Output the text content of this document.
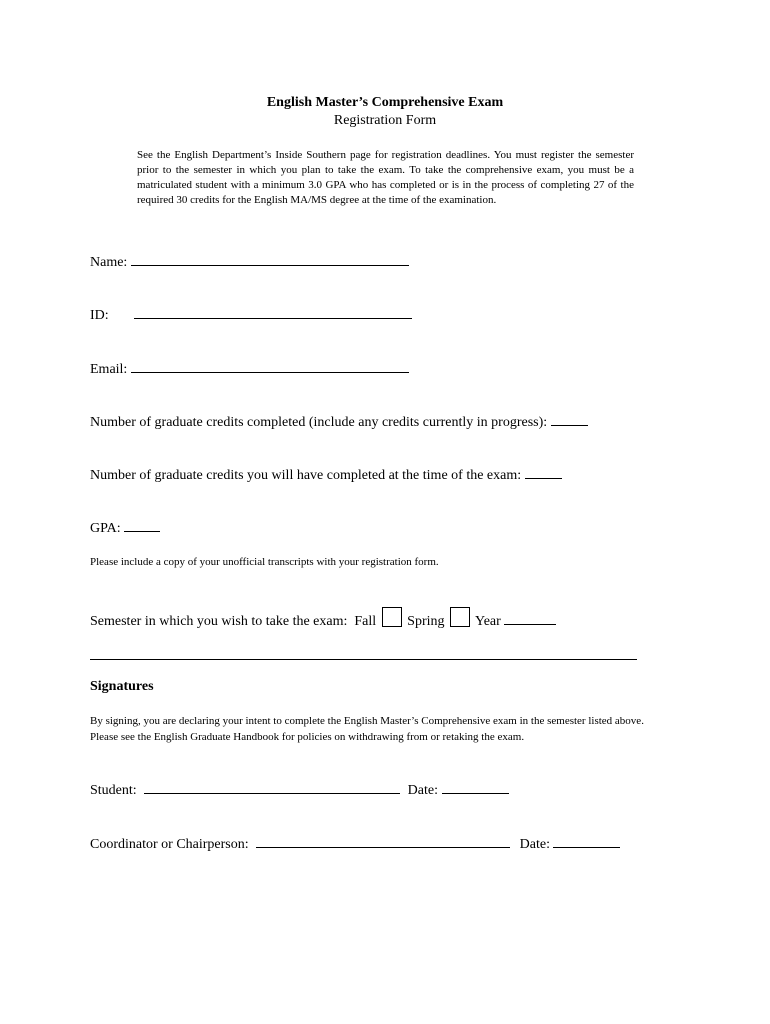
English Master’s Comprehensive Exam
Registration Form
See the English Department’s Inside Southern page for registration deadlines. You must register the semester prior to the semester in which you plan to take the exam. To take the comprehensive exam, you must be a matriculated student with a minimum 3.0 GPA who has completed or is in the process of completing 27 of the required 30 credits for the English MA/MS degree at the time of the examination.
Name:
ID:
Email:
Number of graduate credits completed (include any credits currently in progress):
Number of graduate credits you will have completed at the time of the exam:
GPA:
Please include a copy of your unofficial transcripts with your registration form.
Semester in which you wish to take the exam: Fall Spring Year
Signatures
By signing, you are declaring your intent to complete the English Master’s Comprehensive exam in the semester listed above. Please see the English Graduate Handbook for policies on withdrawing from or retaking the exam.
Student:	Date:
Coordinator or Chairperson:	Date:
